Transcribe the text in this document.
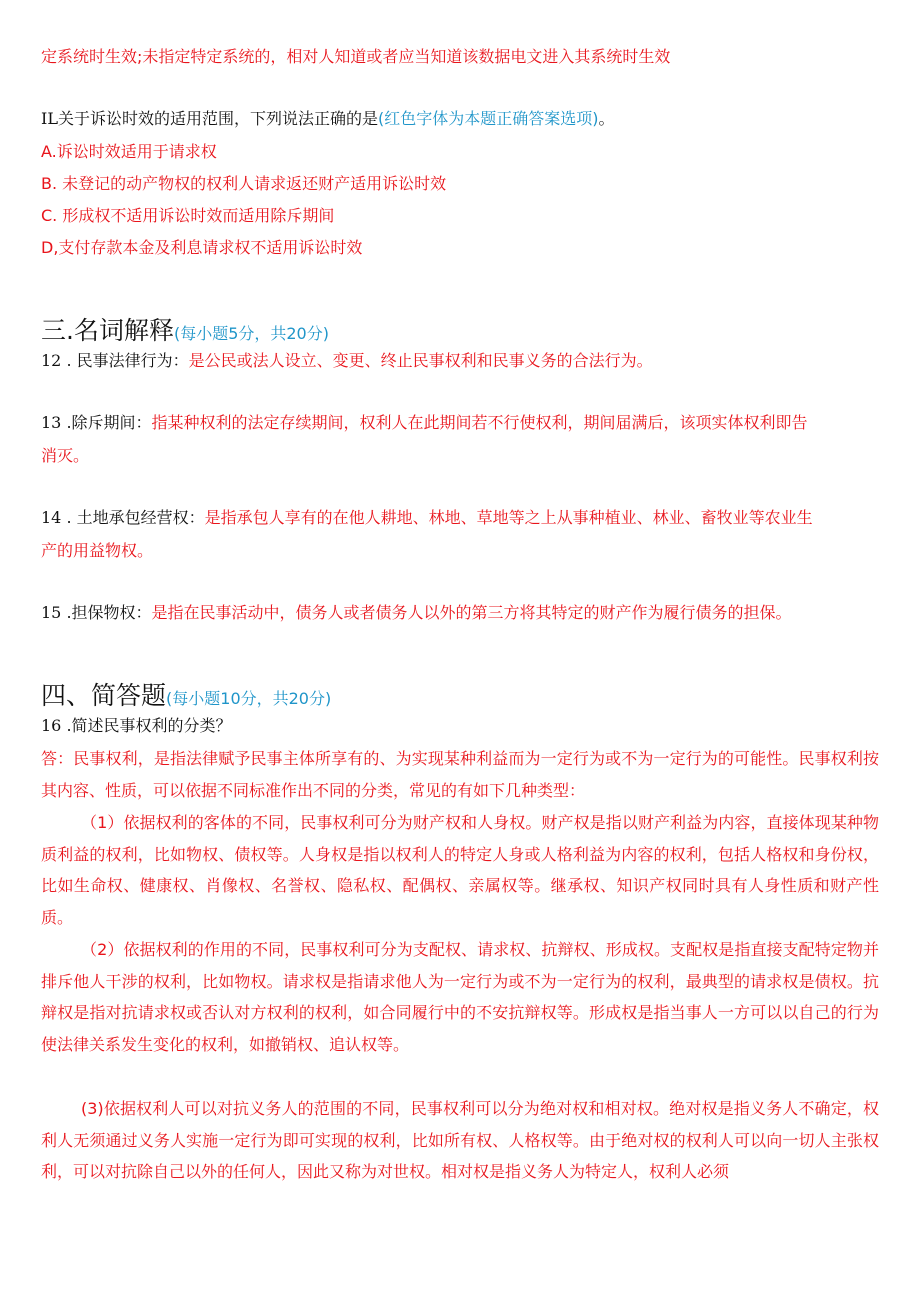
定系统时生效;未指定特定系统的，相对人知道或者应当知道该数据电文进入其系统时生效
IL关于诉讼时效的适用范围，下列说法正确的是(红色字体为本题正确答案选项)。
A.诉讼时效适用于请求权
B. 未登记的动产物权的权利人请求返还财产适用诉讼时效
C. 形成权不适用诉讼时效而适用除斥期间
D,支付存款本金及利息请求权不适用诉讼时效
三.名词解释(每小题5分，共20分)
12 . 民事法律行为：是公民或法人设立、变更、终止民事权利和民事义务的合法行为。
13 .除斥期间：指某种权利的法定存续期间，权利人在此期间若不行使权利，期间届满后，该项实体权利即告
消灭。
14 . 土地承包经营权：是指承包人享有的在他人耕地、林地、草地等之上从事种植业、林业、畜牧业等农业生
产的用益物权。
15 .担保物权：是指在民事活动中，债务人或者债务人以外的第三方将其特定的财产作为履行债务的担保。
四、简答题(每小题10分，共20分)
16 .简述民事权利的分类？
答：民事权利，是指法律赋予民事主体所享有的、为实现某种利益而为一定行为或不为一定行为的可能性。民事权利按其内容、性质，可以依据不同标准作出不同的分类，常见的有如下几种类型：
（1）依据权利的客体的不同，民事权利可分为财产权和人身权。财产权是指以财产利益为内容，直接体现某种物质利益的权利，比如物权、债权等。人身权是指以权利人的特定人身或人格利益为内容的权利，包括人格权和身份权，比如生命权、健康权、肖像权、名誉权、隐私权、配偶权、亲属权等。继承权、知识产权同时具有人身性质和财产性质。
（2）依据权利的作用的不同，民事权利可分为支配权、请求权、抗辩权、形成权。支配权是指直接支配特定物并排斥他人干涉的权利，比如物权。请求权是指请求他人为一定行为或不为一定行为的权利，最典型的请求权是债权。抗辩权是指对抗请求权或否认对方权利的权利，如合同履行中的不安抗辩权等。形成权是指当事人一方可以以自己的行为使法律关系发生变化的权利，如撤销权、追认权等。
(3)依据权利人可以对抗义务人的范围的不同，民事权利可以分为绝对权和相对权。绝对权是指义务人不确定，权利人无须通过义务人实施一定行为即可实现的权利，比如所有权、人格权等。由于绝对权的权利人可以向一切人主张权利，可以对抗除自己以外的任何人，因此又称为对世权。相对权是指义务人为特定人，权利人必须
